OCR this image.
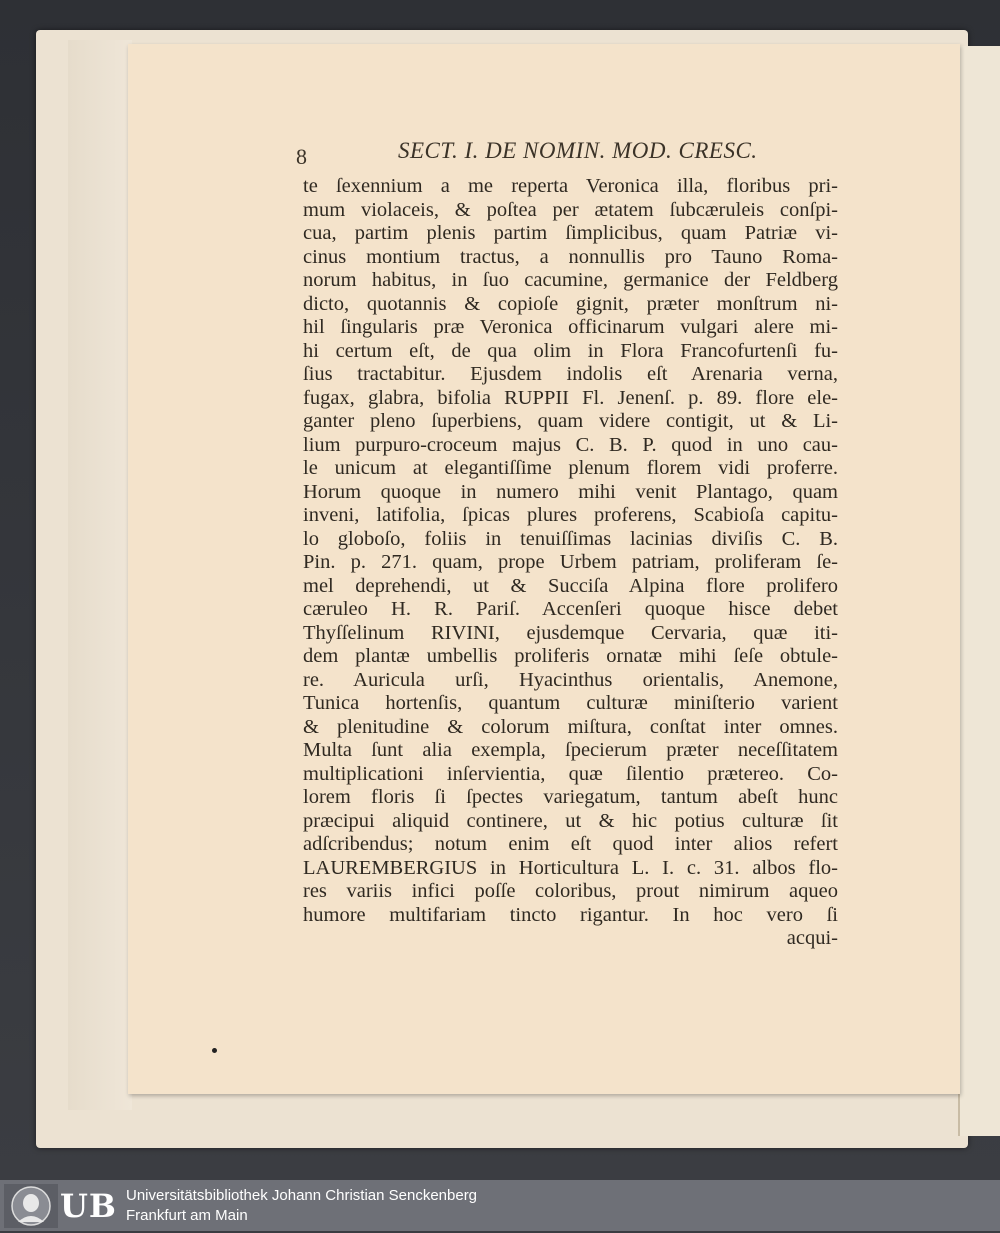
8	SECT. I. DE NOMIN. MOD. CRESC.
te ſexennium a me reperta Veronica illa, floribus pri-
mum violaceis, & poſtea per ætatem ſubcæruleis conſpi-
cua, partim plenis partim ſimplicibus, quam Patriæ vi-
cinus montium tractus, a nonnullis pro Tauno Roma-
norum habitus, in ſuo cacumine, germanice der Feldberg
dicto, quotannis & copioſe gignit, præter monſtrum ni-
hil ſingularis præ Veronica officinarum vulgari alere mi-
hi certum eſt, de qua olim in Flora Francofurtenſi fu-
ſius tractabitur. Ejusdem indolis eſt Arenaria verna,
fugax, glabra, bifolia RUPPII Fl. Jenenſ. p. 89. flore ele-
ganter pleno ſuperbiens, quam videre contigit, ut & Li-
lium purpuro-croceum majus C. B. P. quod in uno cau-
le unicum at elegantiſſime plenum florem vidi proferre.
Horum quoque in numero mihi venit Plantago, quam
inveni, latifolia, ſpicas plures proferens, Scabioſa capitu-
lo globoſo, foliis in tenuiſſimas lacinias diviſis C. B.
Pin. p. 271. quam, prope Urbem patriam, proliferam ſe-
mel deprehendi, ut & Succiſa Alpina flore prolifero
cæruleo H. R. Pariſ. Accenſeri quoque hisce debet
Thyſſelinum RIVINI, ejusdemque Cervaria, quæ iti-
dem plantæ umbellis proliferis ornatæ mihi ſeſe obtule-
re. Auricula urſi, Hyacinthus orientalis, Anemone,
Tunica hortenſis, quantum culturæ miniſterio varient
& plenitudine & colorum miſtura, conſtat inter omnes.
Multa ſunt alia exempla, ſpecierum præter neceſſitatem
multiplicationi inſervientia, quæ ſilentio prætereo. Co-
lorem floris ſi ſpectes variegatum, tantum abeſt hunc
præcipui aliquid continere, ut & hic potius culturæ ſit
adſcribendus; notum enim eſt quod inter alios refert
LAUREMBERGIUS in Horticultura L. I. c. 31. albos flo-
res variis infici poſſe coloribus, prout nimirum aqueo
humore multifariam tincto rigantur. In hoc vero ſi
acqui-
UB Universitätsbibliothek Johann Christian Senckenberg
Frankfurt am Main
